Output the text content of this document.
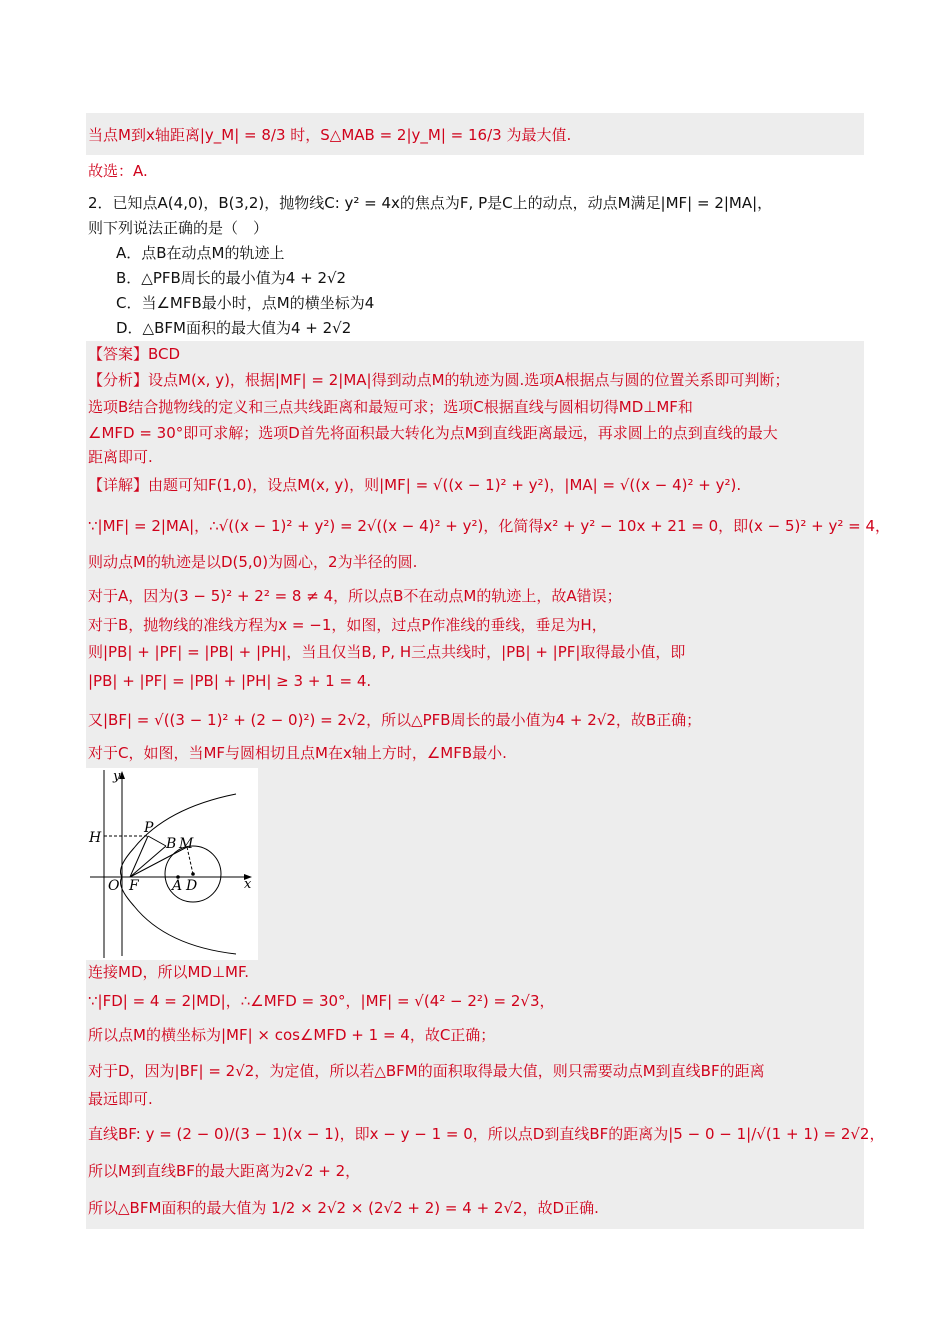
当点M到x轴距离|y_M| = 8/3 时，S△MAB = 2|y_M| = 16/3 为最大值.
故选：A.
2．已知点A(4,0)，B(3,2)，抛物线C: y² = 4x的焦点为F, P是C上的动点，动点M满足|MF| = 2|MA|，
则下列说法正确的是（　）
A．点B在动点M的轨迹上
B．△PFB周长的最小值为4 + 2√2
C．当∠MFB最小时，点M的横坐标为4
D．△BFM面积的最大值为4 + 2√2
【答案】BCD
【分析】设点M(x, y)，根据|MF| = 2|MA|得到动点M的轨迹为圆.选项A根据点与圆的位置关系即可判断；
选项B结合抛物线的定义和三点共线距离和最短可求；选项C根据直线与圆相切得MD⊥MF和
∠MFD = 30°即可求解；选项D首先将面积最大转化为点M到直线距离最远，再求圆上的点到直线的最大
距离即可.
【详解】由题可知F(1,0)，设点M(x, y)，则|MF| = √((x − 1)² + y²)，|MA| = √((x − 4)² + y²).
∵|MF| = 2|MA|，∴√((x − 1)² + y²) = 2√((x − 4)² + y²)，化简得x² + y² − 10x + 21 = 0，即(x − 5)² + y² = 4，
则动点M的轨迹是以D(5,0)为圆心，2为半径的圆.
对于A，因为(3 − 5)² + 2² = 8 ≠ 4，所以点B不在动点M的轨迹上，故A错误；
对于B，抛物线的准线方程为x = −1，如图，过点P作准线的垂线，垂足为H，
则|PB| + |PF| = |PB| + |PH|，当且仅当B, P, H三点共线时，|PB| + |PF|取得最小值，即
|PB| + |PF| = |PB| + |PH| ≥ 3 + 1 = 4.
又|BF| = √((3 − 1)² + (2 − 0)²) = 2√2，所以△PFB周长的最小值为4 + 2√2，故B正确；
对于C，如图，当MF与圆相切且点M在x轴上方时，∠MFB最小.
y
x
H
P
B M
O F A D
连接MD，所以MD⊥MF.
∵|FD| = 4 = 2|MD|，∴∠MFD = 30°，|MF| = √(4² − 2²) = 2√3，
所以点M的横坐标为|MF| × cos∠MFD + 1 = 4，故C正确；
对于D，因为|BF| = 2√2，为定值，所以若△BFM的面积取得最大值，则只需要动点M到直线BF的距离
最远即可.
直线BF: y = (2 − 0)/(3 − 1)(x − 1)，即x − y − 1 = 0，所以点D到直线BF的距离为|5 − 0 − 1|/√(1 + 1) = 2√2，
所以M到直线BF的最大距离为2√2 + 2，
所以△BFM面积的最大值为 1/2 × 2√2 × (2√2 + 2) = 4 + 2√2，故D正确.
